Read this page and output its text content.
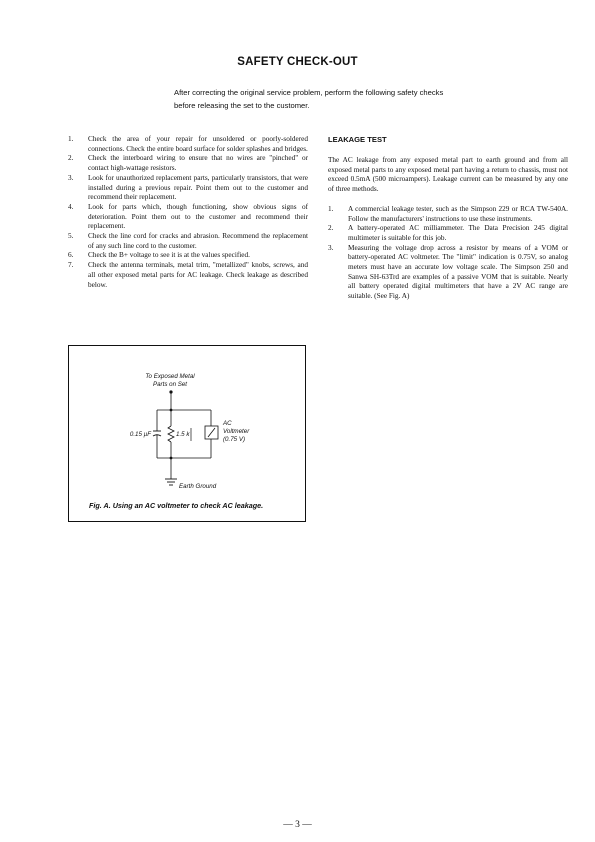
SAFETY CHECK-OUT
After correcting the original service problem, perform the following safety checks before releasing the set to the customer.
1. Check the area of your repair for unsoldered or poorly-soldered connections. Check the entire board surface for solder splashes and bridges.
2. Check the interboard wiring to ensure that no wires are "pinched" or contact high-wattage resistors.
3. Look for unauthorized replacement parts, particularly transistors, that were installed during a previous repair. Point them out to the customer and recommend their replacement.
4. Look for parts which, though functioning, show obvious signs of deterioration. Point them out to the customer and recommend their replacement.
5. Check the line cord for cracks and abrasion. Recommend the replacement of any such line cord to the customer.
6. Check the B+ voltage to see it is at the values specified.
7. Check the antenna terminals, metal trim, "metallized" knobs, screws, and all other exposed metal parts for AC leakage. Check leakage as described below.
LEAKAGE TEST

The AC leakage from any exposed metal part to earth ground and from all exposed metal parts to any exposed metal part having a return to chassis, must not exceed 0.5mA (500 microampers). Leakage current can be measured by any one of three methods.

1. A commercial leakage tester, such as the Simpson 229 or RCA TW-540A. Follow the manufacturers' instructions to use these instruments.
2. A battery-operated AC milliammeter. The Data Precision 245 digital multimeter is suitable for this job.
3. Measuring the voltage drop across a resistor by means of a VOM or battery-operated AC voltmeter. The "limit" indication is 0.75V, so analog meters must have an accurate low voltage scale. The Simpson 250 and Sanwa SH-63Trd are examples of a passive VOM that is suitable. Nearly all battery operated digital multimeters that have a 2V AC range are suitable. (See Fig. A)
To Exposed Metal
Parts on Set
0.15 µF	1.5 k
AC
Voltmeter
(0.75 V)
Earth Ground
Fig. A. Using an AC voltmeter to check AC leakage.
— 3 —
